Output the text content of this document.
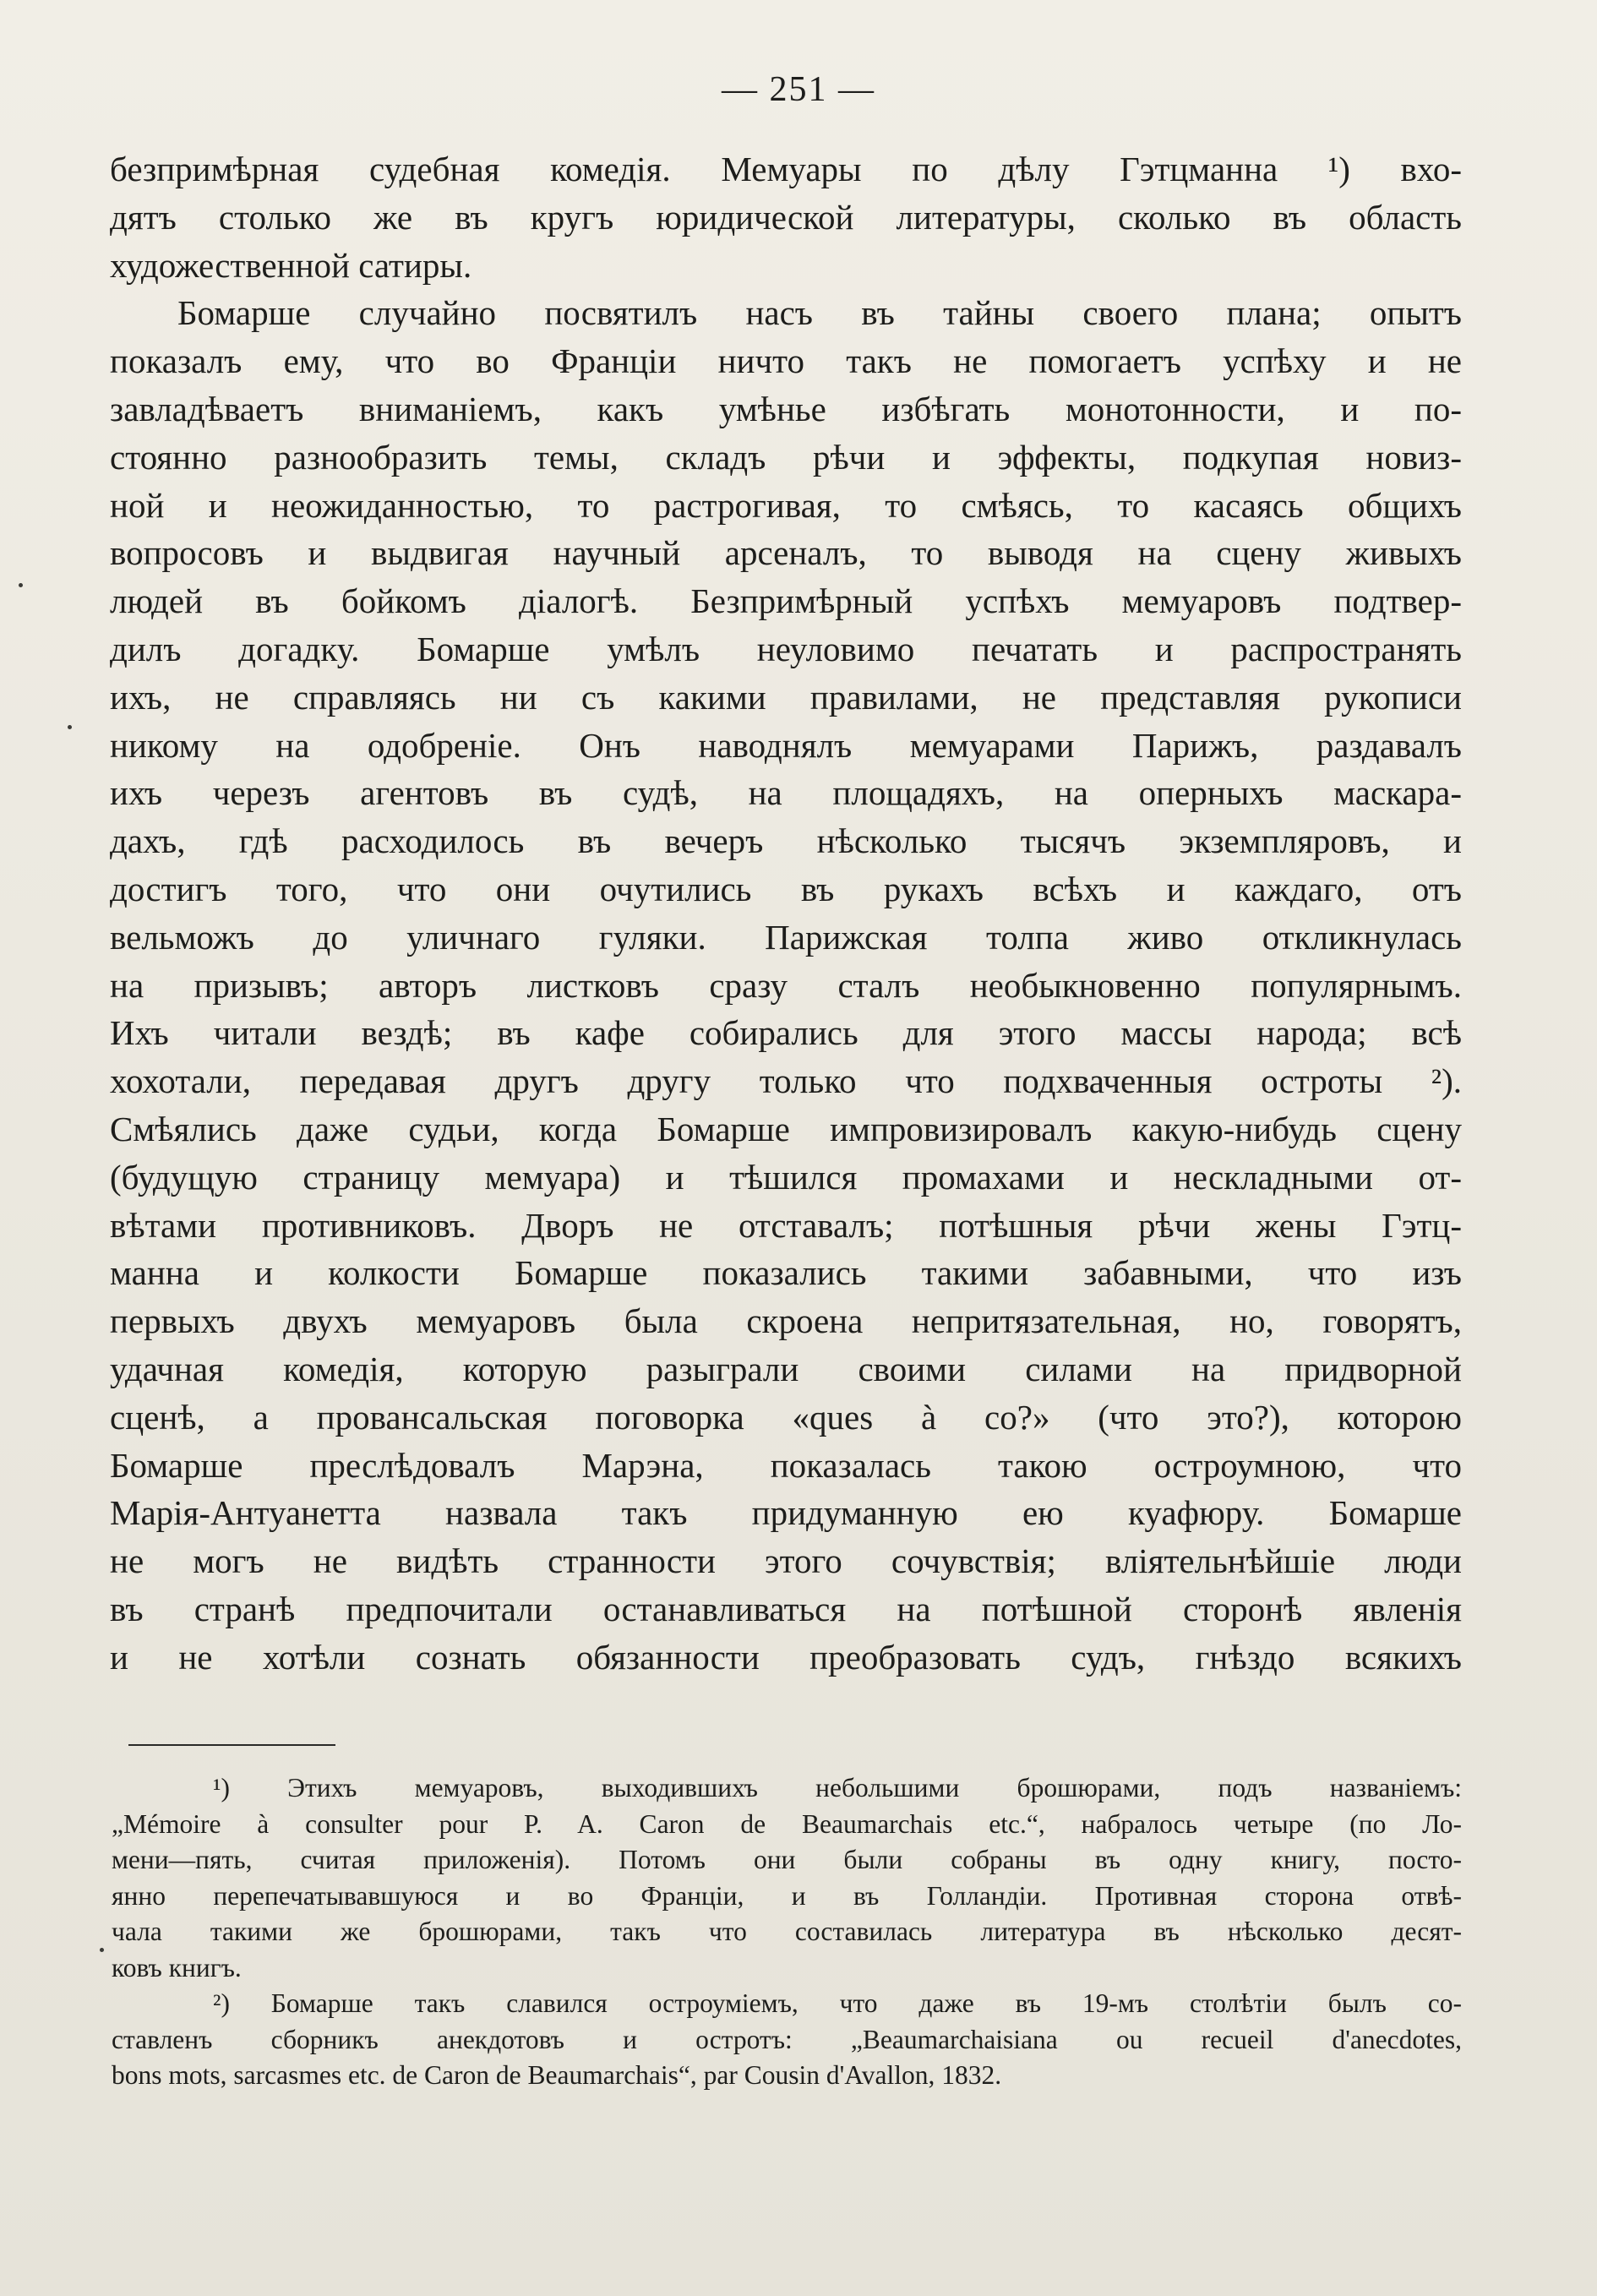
— 251 —
безпримѣрная судебная комедія. Мемуары по дѣлу Гэтцманна ¹) вхо-
дятъ столько же въ кругъ юридической литературы, сколько въ область
художественной сатиры.
Бомарше случайно посвятилъ насъ въ тайны своего плана; опытъ
показалъ ему, что во Франціи ничто такъ не помогаетъ успѣху и не
завладѣваетъ вниманіемъ, какъ умѣнье избѣгать монотонности, и по-
стоянно разнообразить темы, складъ рѣчи и эффекты, подкупая новиз-
ной и неожиданностью, то растрогивая, то смѣясь, то касаясь общихъ
вопросовъ и выдвигая научный арсеналъ, то выводя на сцену живыхъ
людей въ бойкомъ діалогѣ. Безпримѣрный успѣхъ мемуаровъ подтвер-
дилъ догадку. Бомарше умѣлъ неуловимо печатать и распространять
ихъ, не справляясь ни съ какими правилами, не представляя рукописи
никому на одобреніе. Онъ наводнялъ мемуарами Парижъ, раздавалъ
ихъ черезъ агентовъ въ судѣ, на площадяхъ, на оперныхъ маскара-
дахъ, гдѣ расходилось въ вечеръ нѣсколько тысячъ экземпляровъ, и
достигъ того, что они очутились въ рукахъ всѣхъ и каждаго, отъ
вельможъ до уличнаго гуляки. Парижская толпа живо откликнулась
на призывъ; авторъ листковъ сразу сталъ необыкновенно популярнымъ.
Ихъ читали вездѣ; въ кафе собирались для этого массы народа; всѣ
хохотали, передавая другъ другу только что подхваченныя остроты ²).
Смѣялись даже судьи, когда Бомарше импровизировалъ какую-нибудь сцену
(будущую страницу мемуара) и тѣшился промахами и нескладными от-
вѣтами противниковъ. Дворъ не отставалъ; потѣшныя рѣчи жены Гэтц-
манна и колкости Бомарше показались такими забавными, что изъ
первыхъ двухъ мемуаровъ была скроена непритязательная, но, говорятъ,
удачная комедія, которую разыграли своими силами на придворной
сценѣ, а провансальская поговорка «ques à co?» (что это?), которою
Бомарше преслѣдовалъ Марэна, показалась такою остроумною, что
Марія-Антуанетта назвала такъ придуманную ею куафюру. Бомарше
не могъ не видѣть странности этого сочувствія; вліятельнѣйшіе люди
въ странѣ предпочитали останавливаться на потѣшной сторонѣ явленія
и не хотѣли сознать обязанности преобразовать судъ, гнѣздо всякихъ
¹) Этихъ мемуаровъ, выходившихъ небольшими брошюрами, подъ названіемъ:
„Mémoire à consulter pour P. A. Caron de Beaumarchais etc.“, набралось четыре (по Ло-
мени—пять, считая приложенія). Потомъ они были собраны въ одну книгу, посто-
янно перепечатывавшуюся и во Франціи, и въ Голландіи. Противная сторона отвѣ-
чала такими же брошюрами, такъ что составилась литература въ нѣсколько десят-
ковъ книгъ.
²) Бомарше такъ славился остроуміемъ, что даже въ 19-мъ столѣтіи былъ со-
ставленъ сборникъ анекдотовъ и остротъ: „Beaumarchaisiana ou recueil d'anecdotes,
bons mots, sarcasmes etc. de Caron de Beaumarchais“, par Cousin d'Avallon, 1832.
